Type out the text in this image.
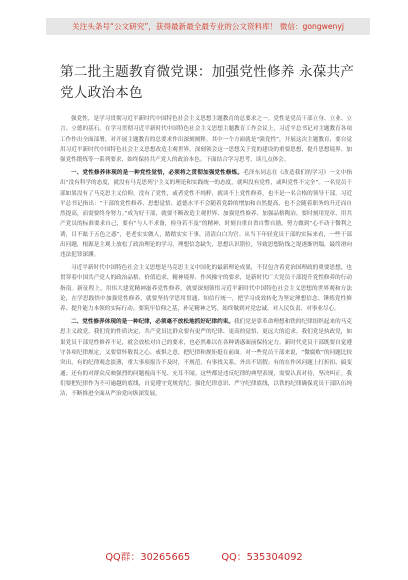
关注头条号“公文研究”，获得最新最全最专业的公文资料库！ 微信：gongwenyj
第二批主题教育微党课：加强党性修养 永葆共产党人政治本色

强党性，是学习贯彻习近平新时代中国特色社会主义思想主题教育的总要求之一。党性是党员干部立身、立业、立言、立德的基石。在学习贯彻习近平新时代中国特色社会主义思想主题教育工作会议上，习近平总书记对主题教育各项工作作出全面部署，对开展主题教育的总要求作出深刻阐释。其中一个方面就是“强党性”，开展这次主题教育，要自觉用习近平新时代中国特色社会主义思想改造主观世界，深刻领会这一思想关于党的建设的重要思想，提升思想境界、加强党性锻炼等一系列要求，始终保持共产党人的政治本色。下面结合学习思考，谈几点体会。

一、党性修养体现的是一种党性觉悟，必须将之贯彻加强党性修炼。毛泽东同志在《改造我们的学习》一文中指出“没有科学的态度，就没有马克思列宁主义的理论和实践统一的态度，就叫没有党性，或叫党性不完全”。一名党员干部如果没有了马克思主义信仰，没有了党性，或者党性不纯粹，就谈不上党性修养，也不是一名合格的领导干部。习近平总书记指出：“干部的党性修养、思想觉悟、道德水平不会随着党龄的增加和自然提高，也不会随着职务的升迁而自然提高，而需要终身努力。”成为好干部，就要不断改造主观世界、加强党性修养、加强品格陶冶。要时刻用党章、用共产党员的标准要求自己，要有“与人不求备，检身若不及”的精神，时刻自重自省自警自励，努力做到“心不动于微利之诱，目不眩于五色之惑”，老老实实做人，踏踏实实干事，清清白白为官。从当下年轻党员干部的实际来看，一些干部出问题，根源是主观上放松了政治理论的学习，理想信念缺失，思想认识错位，导致思想防线之堤逐渐坍塌，最终滑向违法犯罪深渊。

习近平新时代中国特色社会主义思想是马克思主义中国化的最新理论成果，不仅包含着党治国理政的重要思想，也贯穿着中国共产党人的政治品格、价值追求、精神境界、作风操守的要求，是新时代广大党员干部提升党性修养的行动指南。新征程上，用伟大建党精神滋养党性修养，就要深刻领悟习近平新时代中国特色社会主义思想的世界观和方法论，在学思践悟中加强党性修养，就要坚持学思用贯通、知信行统一，把学习成效转化为坚定理想信念、锤炼党性修养、提升能力本领的实际行动。要筑牢信仰之基，补足精神之钙，始终做到对党忠诚、对人民负责、对事业尽心。

二、党性修养体现的是一种纪律，必须毫不放松地抓好纪律约束。我们党是靠革命理想和铁的纪律组织起来的马克思主义政党。我们党的性质决定，共产党员比群众要有更严的纪律、更高的觉悟、更远大的追求。我们党是执政党，如果党员干部党性修养不足，就会放松对自己的要求，也必然难以在各种诱惑面前保持定力。新时代党员干部既要自觉遵守各项纪律规定，又要常怀敬畏之心、戒惧之意，把纪律和规矩挺在前面。对一些党员干部来说，“微腐败”的问题比较突出，有的纪律观念淡薄，重大事项报告不及时，不规范，有事找关系，外出不请假；有的在作风问题上打折扣、搞变通；还有的对群众反映强烈的问题视而不见、充耳不闻。这些都是违反纪律的典型表现，需要认真对待，坚决纠正。我们要把纪律作为不可逾越的底线，自觉遵守党规党纪、强化纪律意识、严守纪律底线，以铁的纪律确保党员干部队伍纯洁，不断推进全面从严治党向纵深发展。

QQ群：30265665	QQ：535304092
